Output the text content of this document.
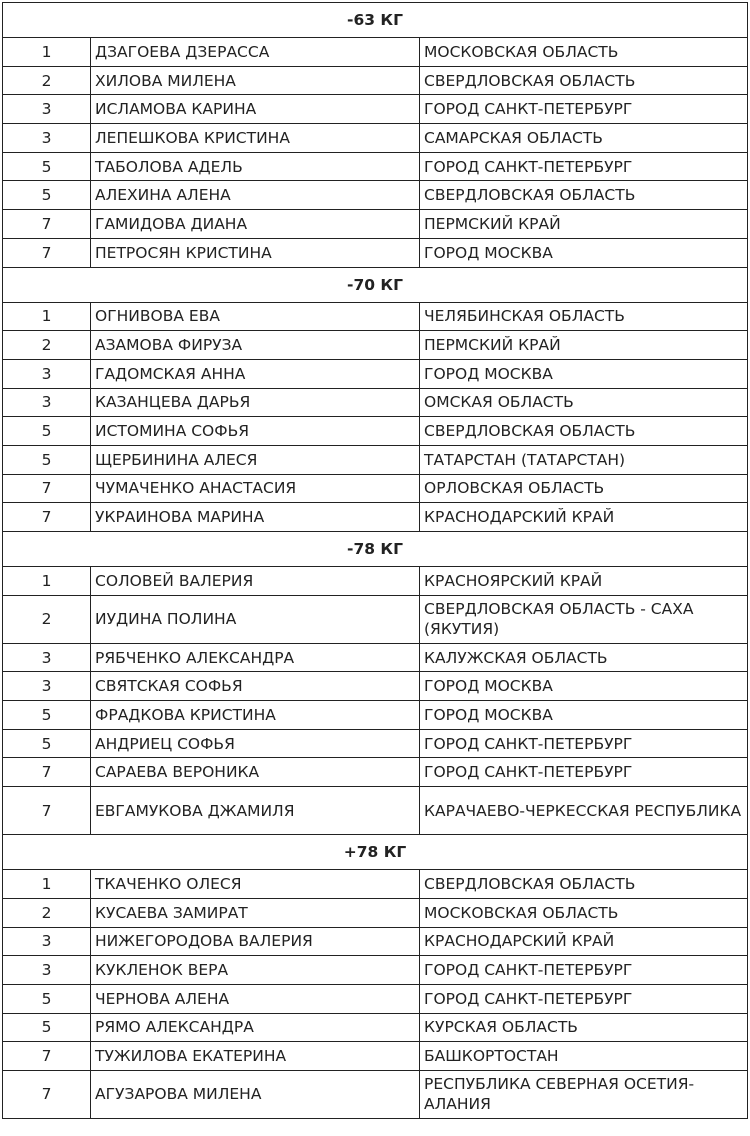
-63 КГ		
1	ДЗАГОЕВА ДЗЕРАССА	МОСКОВСКАЯ ОБЛАСТЬ
2	ХИЛОВА МИЛЕНА	СВЕРДЛОВСКАЯ ОБЛАСТЬ
3	ИСЛАМОВА КАРИНА	ГОРОД САНКТ-ПЕТЕРБУРГ
3	ЛЕПЕШКОВА КРИСТИНА	САМАРСКАЯ ОБЛАСТЬ
5	ТАБОЛОВА АДЕЛЬ	ГОРОД САНКТ-ПЕТЕРБУРГ
5	АЛЕХИНА АЛЕНА	СВЕРДЛОВСКАЯ ОБЛАСТЬ
7	ГАМИДОВА ДИАНА	ПЕРМСКИЙ КРАЙ
7	ПЕТРОСЯН КРИСТИНА	ГОРОД МОСКВА
-70 КГ		
1	ОГНИВОВА ЕВА	ЧЕЛЯБИНСКАЯ ОБЛАСТЬ
2	АЗАМОВА ФИРУЗА	ПЕРМСКИЙ КРАЙ
3	ГАДОМСКАЯ АННА	ГОРОД МОСКВА
3	КАЗАНЦЕВА ДАРЬЯ	ОМСКАЯ ОБЛАСТЬ
5	ИСТОМИНА СОФЬЯ	СВЕРДЛОВСКАЯ ОБЛАСТЬ
5	ЩЕРБИНИНА АЛЕСЯ	ТАТАРСТАН (ТАТАРСТАН)
7	ЧУМАЧЕНКО АНАСТАСИЯ	ОРЛОВСКАЯ ОБЛАСТЬ
7	УКРАИНОВА МАРИНА	КРАСНОДАРСКИЙ КРАЙ
-78 КГ		
1	СОЛОВЕЙ ВАЛЕРИЯ	КРАСНОЯРСКИЙ КРАЙ
2	ИУДИНА ПОЛИНА	СВЕРДЛОВСКАЯ ОБЛАСТЬ - САХА (ЯКУТИЯ)
3	РЯБЧЕНКО АЛЕКСАНДРА	КАЛУЖСКАЯ ОБЛАСТЬ
3	СВЯТСКАЯ СОФЬЯ	ГОРОД МОСКВА
5	ФРАДКОВА КРИСТИНА	ГОРОД МОСКВА
5	АНДРИЕЦ СОФЬЯ	ГОРОД САНКТ-ПЕТЕРБУРГ
7	САРАЕВА ВЕРОНИКА	ГОРОД САНКТ-ПЕТЕРБУРГ
7	ЕВГАМУКОВА ДЖАМИЛЯ	КАРАЧАЕВО-ЧЕРКЕССКАЯ РЕСПУБЛИКА
+78 КГ		
1	ТКАЧЕНКО ОЛЕСЯ	СВЕРДЛОВСКАЯ ОБЛАСТЬ
2	КУСАЕВА ЗАМИРАТ	МОСКОВСКАЯ ОБЛАСТЬ
3	НИЖЕГОРОДОВА ВАЛЕРИЯ	КРАСНОДАРСКИЙ КРАЙ
3	КУКЛЕНОК ВЕРА	ГОРОД САНКТ-ПЕТЕРБУРГ
5	ЧЕРНОВА АЛЕНА	ГОРОД САНКТ-ПЕТЕРБУРГ
5	РЯМО АЛЕКСАНДРА	КУРСКАЯ ОБЛАСТЬ
7	ТУЖИЛОВА ЕКАТЕРИНА	БАШКОРТОСТАН
7	АГУЗАРОВА МИЛЕНА	РЕСПУБЛИКА СЕВЕРНАЯ ОСЕТИЯ-АЛАНИЯ
